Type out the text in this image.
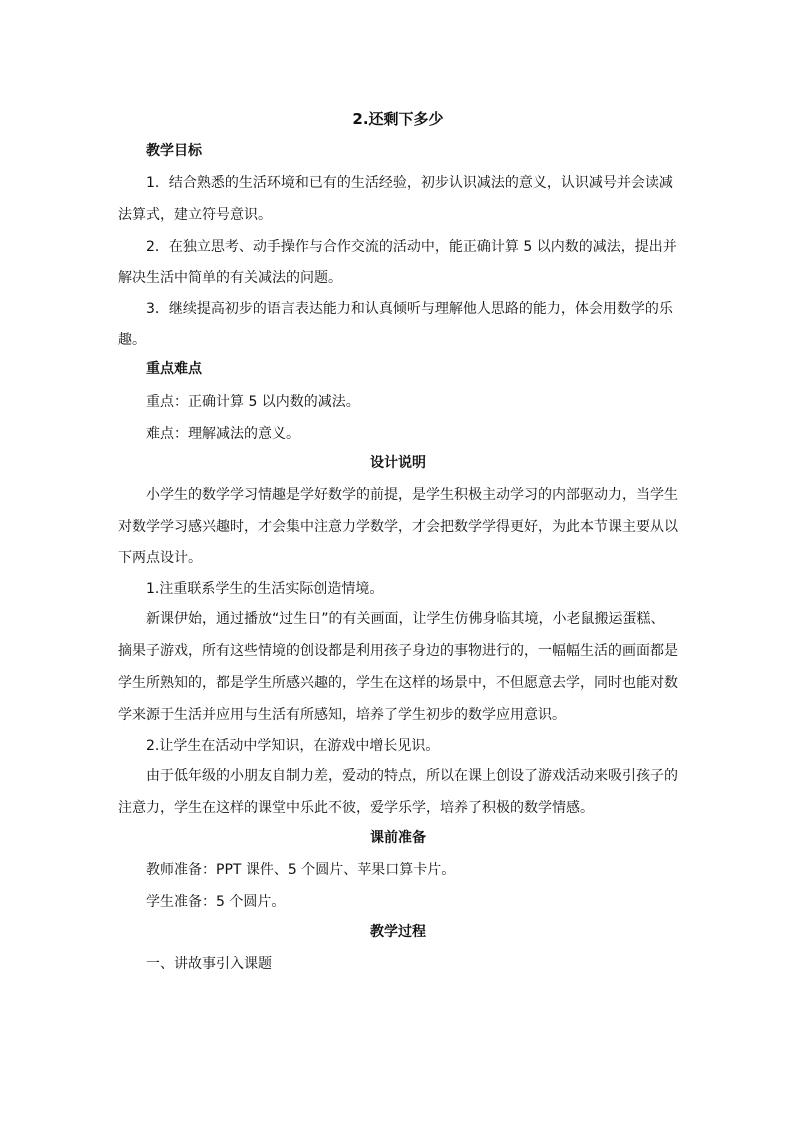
2.还剩下多少
教学目标
1．结合熟悉的生活环境和已有的生活经验，初步认识减法的意义，认识减号并会读减
法算式，建立符号意识。
2．在独立思考、动手操作与合作交流的活动中，能正确计算 5 以内数的减法，提出并
解决生活中简单的有关减法的问题。
3．继续提高初步的语言表达能力和认真倾听与理解他人思路的能力，体会用数学的乐
趣。
重点难点
重点：正确计算 5 以内数的减法。
难点：理解减法的意义。
设计说明
小学生的数学学习情趣是学好数学的前提，是学生积极主动学习的内部驱动力，当学生
对数学学习感兴趣时，才会集中注意力学数学，才会把数学学得更好，为此本节课主要从以
下两点设计。
1.注重联系学生的生活实际创造情境。
新课伊始，通过播放“过生日”的有关画面，让学生仿佛身临其境，小老鼠搬运蛋糕、
摘果子游戏，所有这些情境的创设都是利用孩子身边的事物进行的，一幅幅生活的画面都是
学生所熟知的，都是学生所感兴趣的，学生在这样的场景中，不但愿意去学，同时也能对数
学来源于生活并应用与生活有所感知，培养了学生初步的数学应用意识。
2.让学生在活动中学知识，在游戏中增长见识。
由于低年级的小朋友自制力差，爱动的特点，所以在课上创设了游戏活动来吸引孩子的
注意力，学生在这样的课堂中乐此不彼，爱学乐学，培养了积极的数学情感。
课前准备
教师准备：PPT 课件、5 个圆片、苹果口算卡片。
学生准备：5 个圆片。
教学过程
一、讲故事引入课题
